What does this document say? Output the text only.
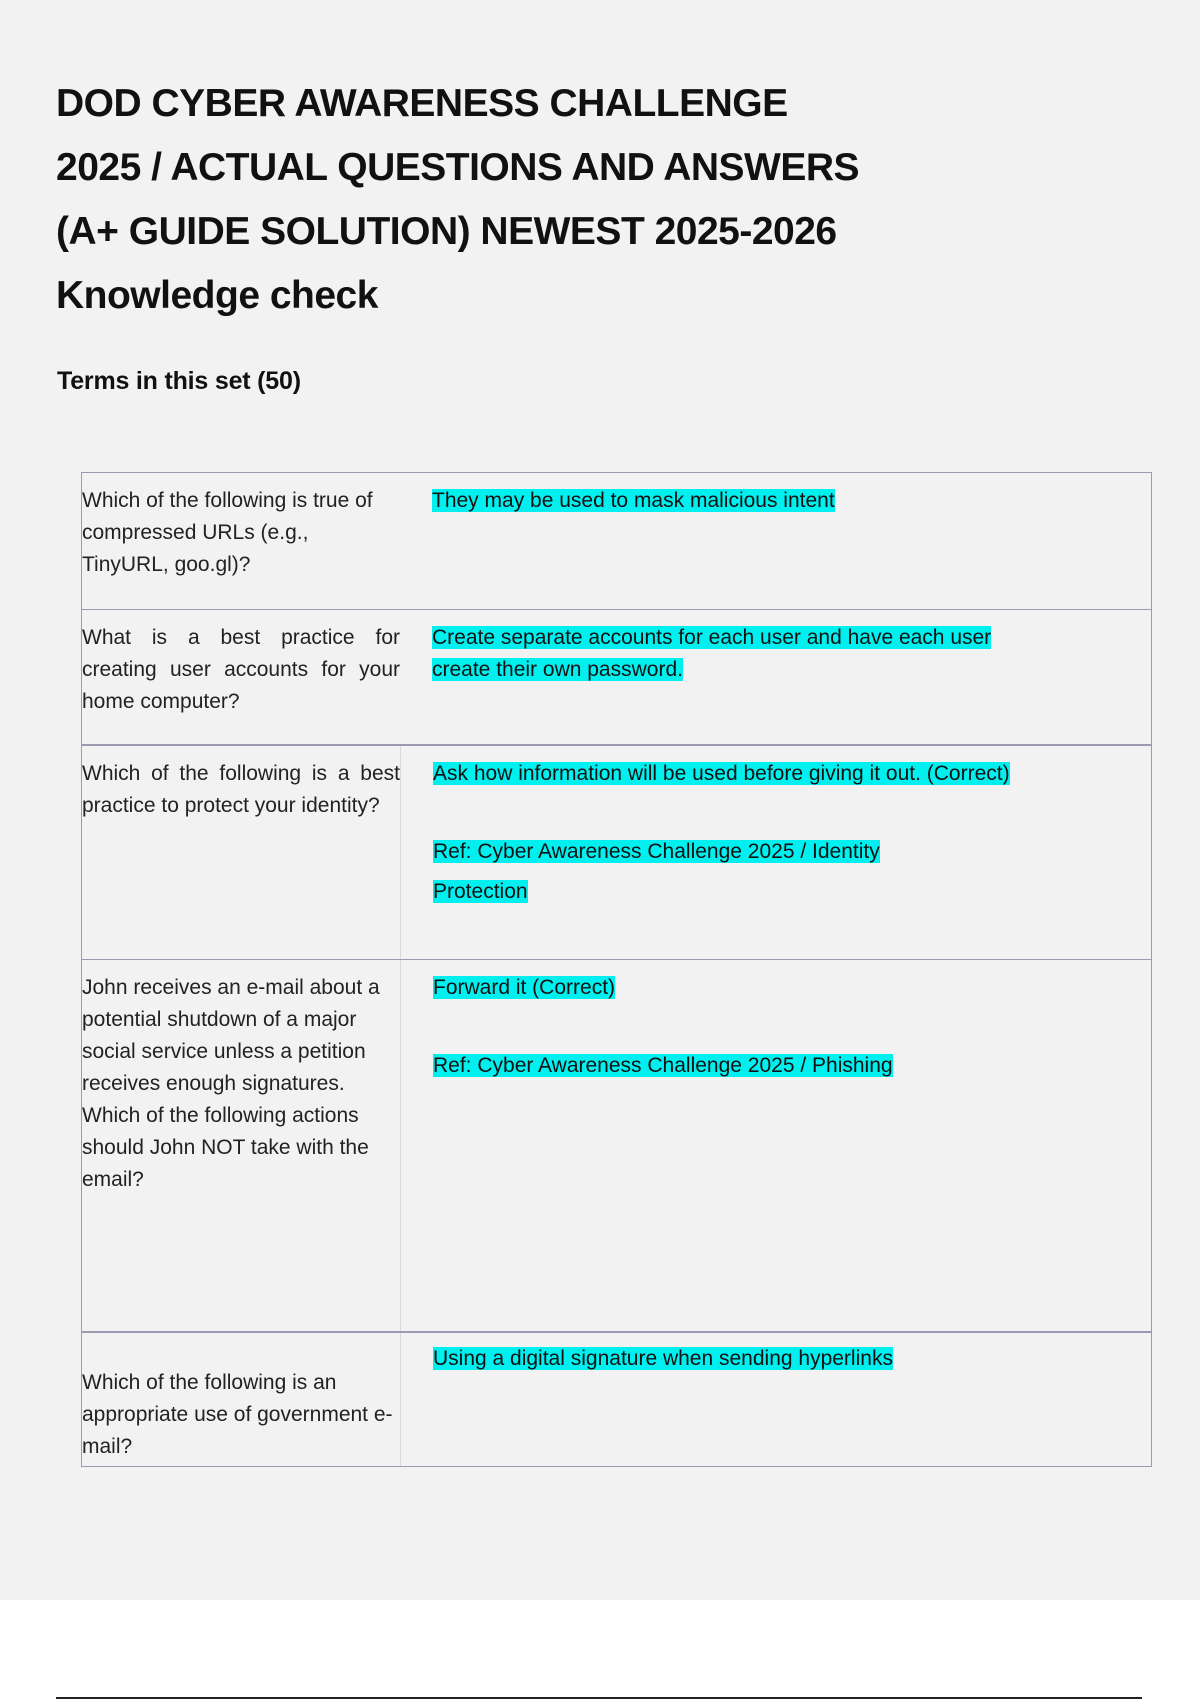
DOD CYBER AWARENESS CHALLENGE
2025 / ACTUAL QUESTIONS AND ANSWERS
(A+ GUIDE SOLUTION) NEWEST 2025-2026
Knowledge check
Terms in this set (50)
Which of the following is true of compressed URLs (e.g., TinyURL, goo.gl)?
They may be used to mask malicious intent
What is a best practice for creating user accounts for your home computer?
Create separate accounts for each user and have each user
create their own password.
Which of the following is a best practice to protect your identity?
Ask how information will be used before giving it out. (Correct)
Ref: Cyber Awareness Challenge 2025 / Identity
Protection
John receives an e-mail about a potential shutdown of a major social service unless a petition receives enough signatures. Which of the following actions should John NOT take with the email?
Forward it (Correct)
Ref: Cyber Awareness Challenge 2025 / Phishing
Which of the following is an appropriate use of government e-mail?
Using a digital signature when sending hyperlinks
